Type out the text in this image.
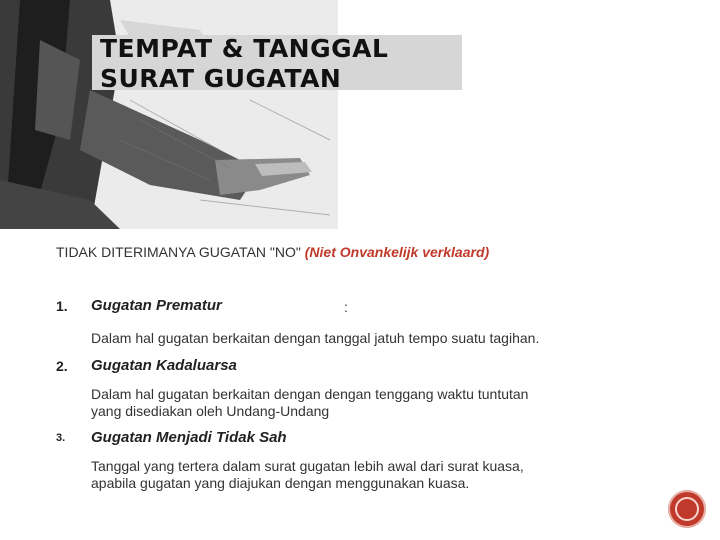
TEMPAT & TANGGAL
SURAT GUGATAN
TIDAK DITERIMANYA GUGATAN "NO" (Niet Onvankelijk verklaard)
1. Gugatan Prematur	:
Dalam hal gugatan berkaitan dengan tanggal jatuh tempo suatu tagihan.
2. Gugatan Kadaluarsa
Dalam hal gugatan berkaitan dengan dengan tenggang waktu tuntutan
yang disediakan oleh Undang-Undang
3. Gugatan Menjadi Tidak Sah
Tanggal yang tertera dalam surat gugatan lebih awal dari surat kuasa,
apabila gugatan yang diajukan dengan menggunakan kuasa.
